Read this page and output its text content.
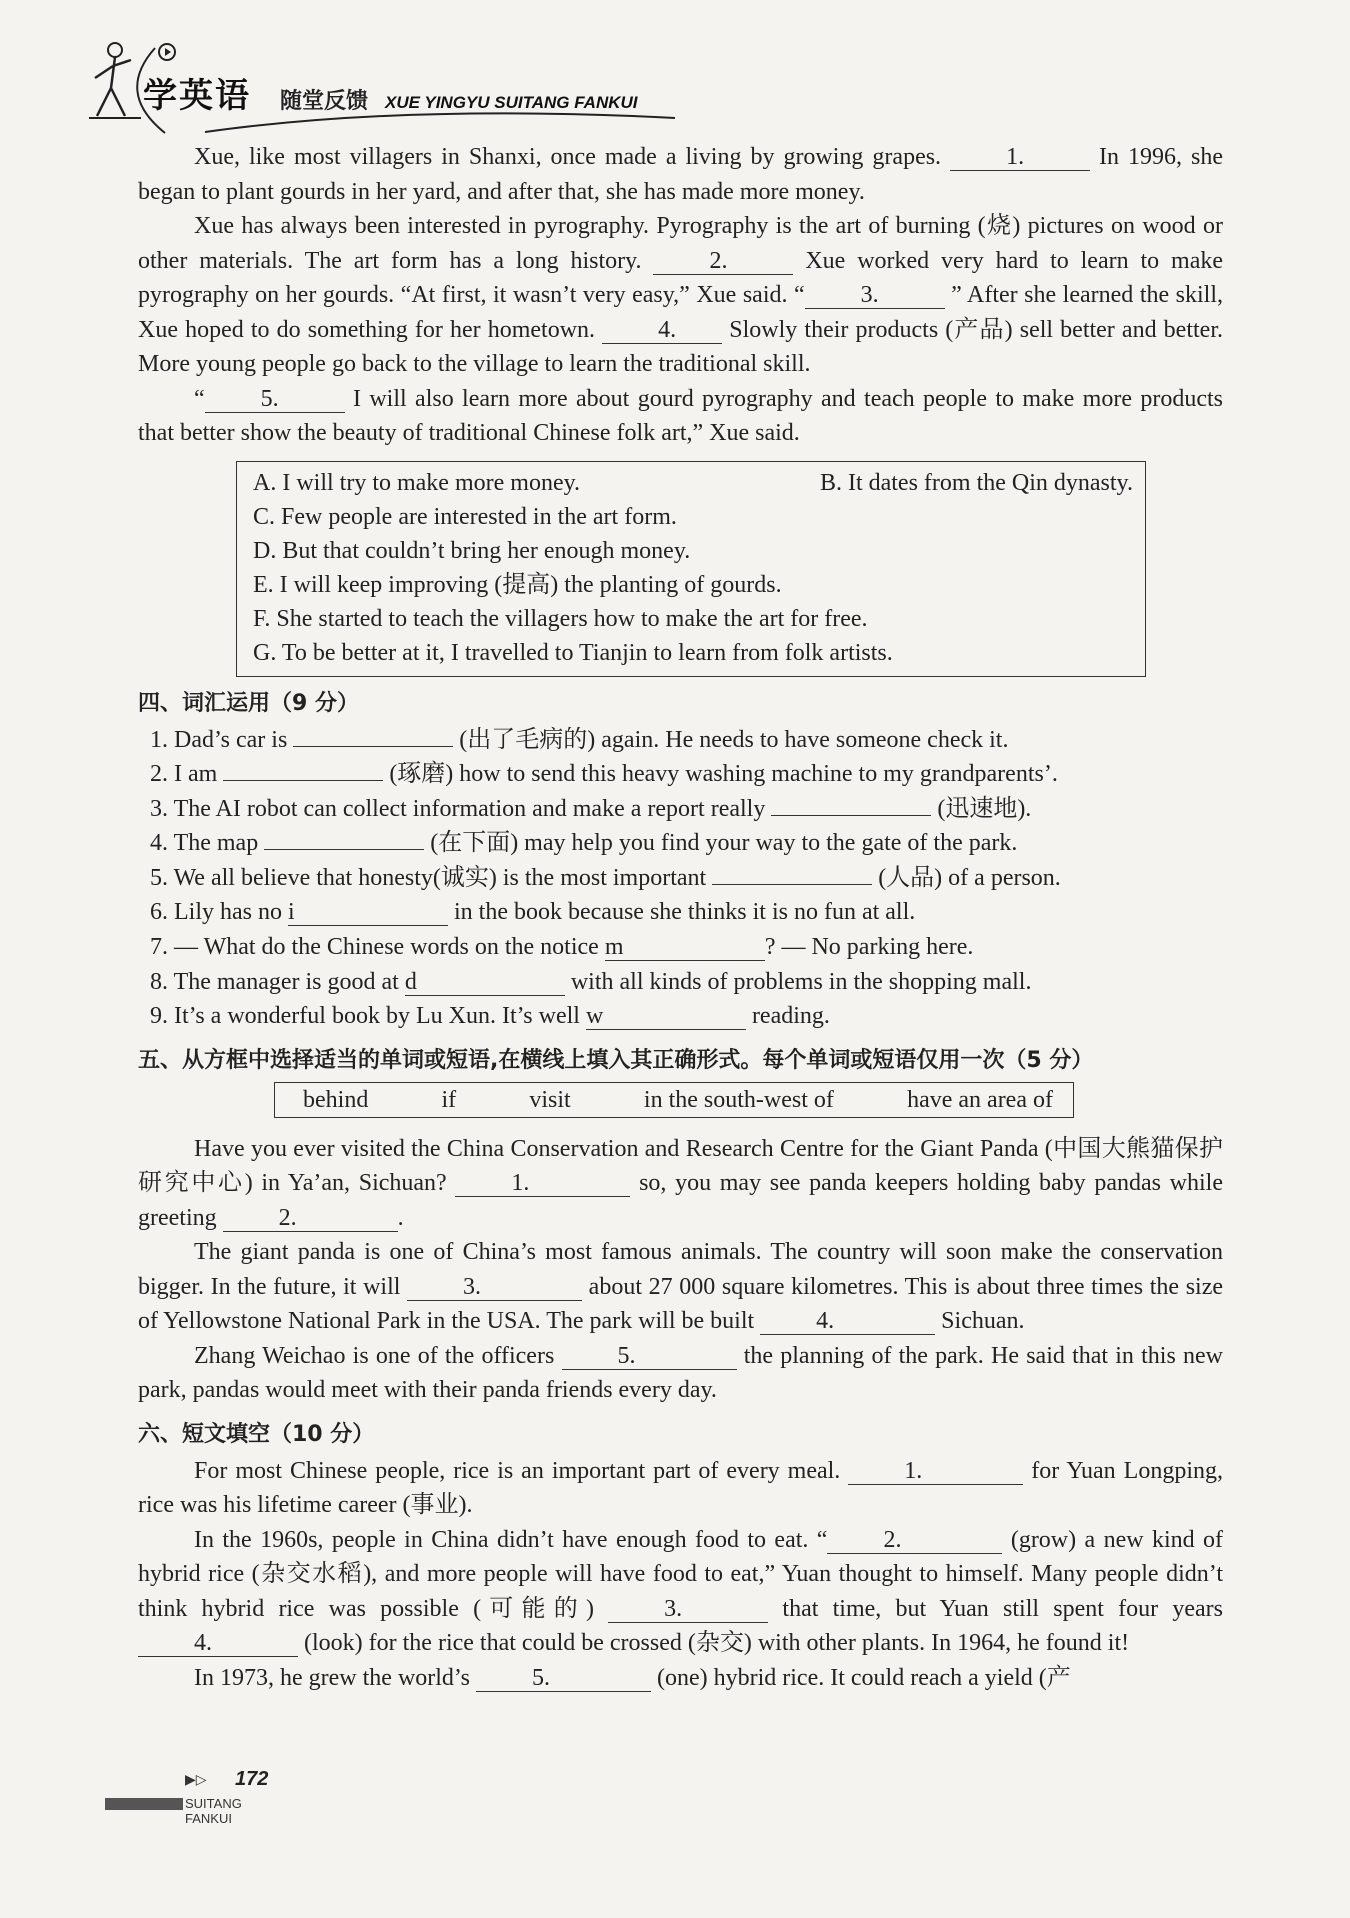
学英语 随堂反馈 XUE YINGYU SUITANG FANKUI

Xue, like most villagers in Shanxi, once made a living by growing grapes. 1.	In 1996, she began to plant gourds in her yard, and after that, she has made more money.

Xue has always been interested in pyrography. Pyrography is the art of burning (烧) pictures on wood or other materials. The art form has a long history. 2.	Xue worked very hard to learn to make pyrography on her gourds. “At first, it wasn’t very easy,” Xue said. “ 3.	” After she learned the skill, Xue hoped to do something for her hometown. 4. Slowly their products (产品) sell better and better. More young people go back to the village to learn the traditional skill.

“ 5.	I will also learn more about gourd pyrography and teach people to make more products that better show the beauty of traditional Chinese folk art,” Xue said.

A. I will try to make more money.	B. It dates from the Qin dynasty.
C. Few people are interested in the art form.
D. But that couldn’t bring her enough money.
E. I will keep improving (提高) the planting of gourds.
F. She started to teach the villagers how to make the art for free.
G. To be better at it, I travelled to Tianjin to learn from folk artists.
四、词汇运用（9 分）
1. Dad’s car is	(出了毛病的) again. He needs to have someone check it.
2. I am	(琢磨) how to send this heavy washing machine to my grandparents’.
3. The AI robot can collect information and make a report really	(迅速地).
4. The map	(在下面) may help you find your way to the gate of the park.
5. We all believe that honesty(诚实) is the most important	(人品) of a person.
6. Lily has no i	in the book because she thinks it is no fun at all.
7. — What do the Chinese words on the notice m	? — No parking here.
8. The manager is good at d	with all kinds of problems in the shopping mall.
9. It’s a wonderful book by Lu Xun. It’s well w	reading.
五、从方框中选择适当的单词或短语,在横线上填入其正确形式。每个单词或短语仅用一次（5 分）
behind	if	visit	in the south-west of	have an area of

Have you ever visited the China Conservation and Research Centre for the Giant Panda (中国大熊猫保护研究中心) in Ya’an, Sichuan? 1.	so, you may see panda keepers holding baby pandas while greeting 2.	.

The giant panda is one of China’s most famous animals. The country will soon make the conservation bigger. In the future, it will 3.	about 27 000 square kilometres. This is about three times the size of Yellowstone National Park in the USA. The park will be built 4.	Sichuan.

Zhang Weichao is one of the officers 5.	the planning of the park. He said that in this new park, pandas would meet with their panda friends every day.

六、短文填空（10 分）

For most Chinese people, rice is an important part of every meal. 1.	for Yuan Longping, rice was his lifetime career (事业).

In the 1960s, people in China didn’t have enough food to eat. “ 2.	(grow) a new kind of hybrid rice (杂交水稻), and more people will have food to eat,” Yuan thought to himself. Many people didn’t think hybrid rice was possible (可能的) 3.	that time, but Yuan still spent four years 4.	(look) for the rice that could be crossed (杂交) with other plants. In 1964, he found it!

In 1973, he grew the world’s 5.	(one) hybrid rice. It could reach a yield (产

▶▷ 172
SUITANG FANKUI
